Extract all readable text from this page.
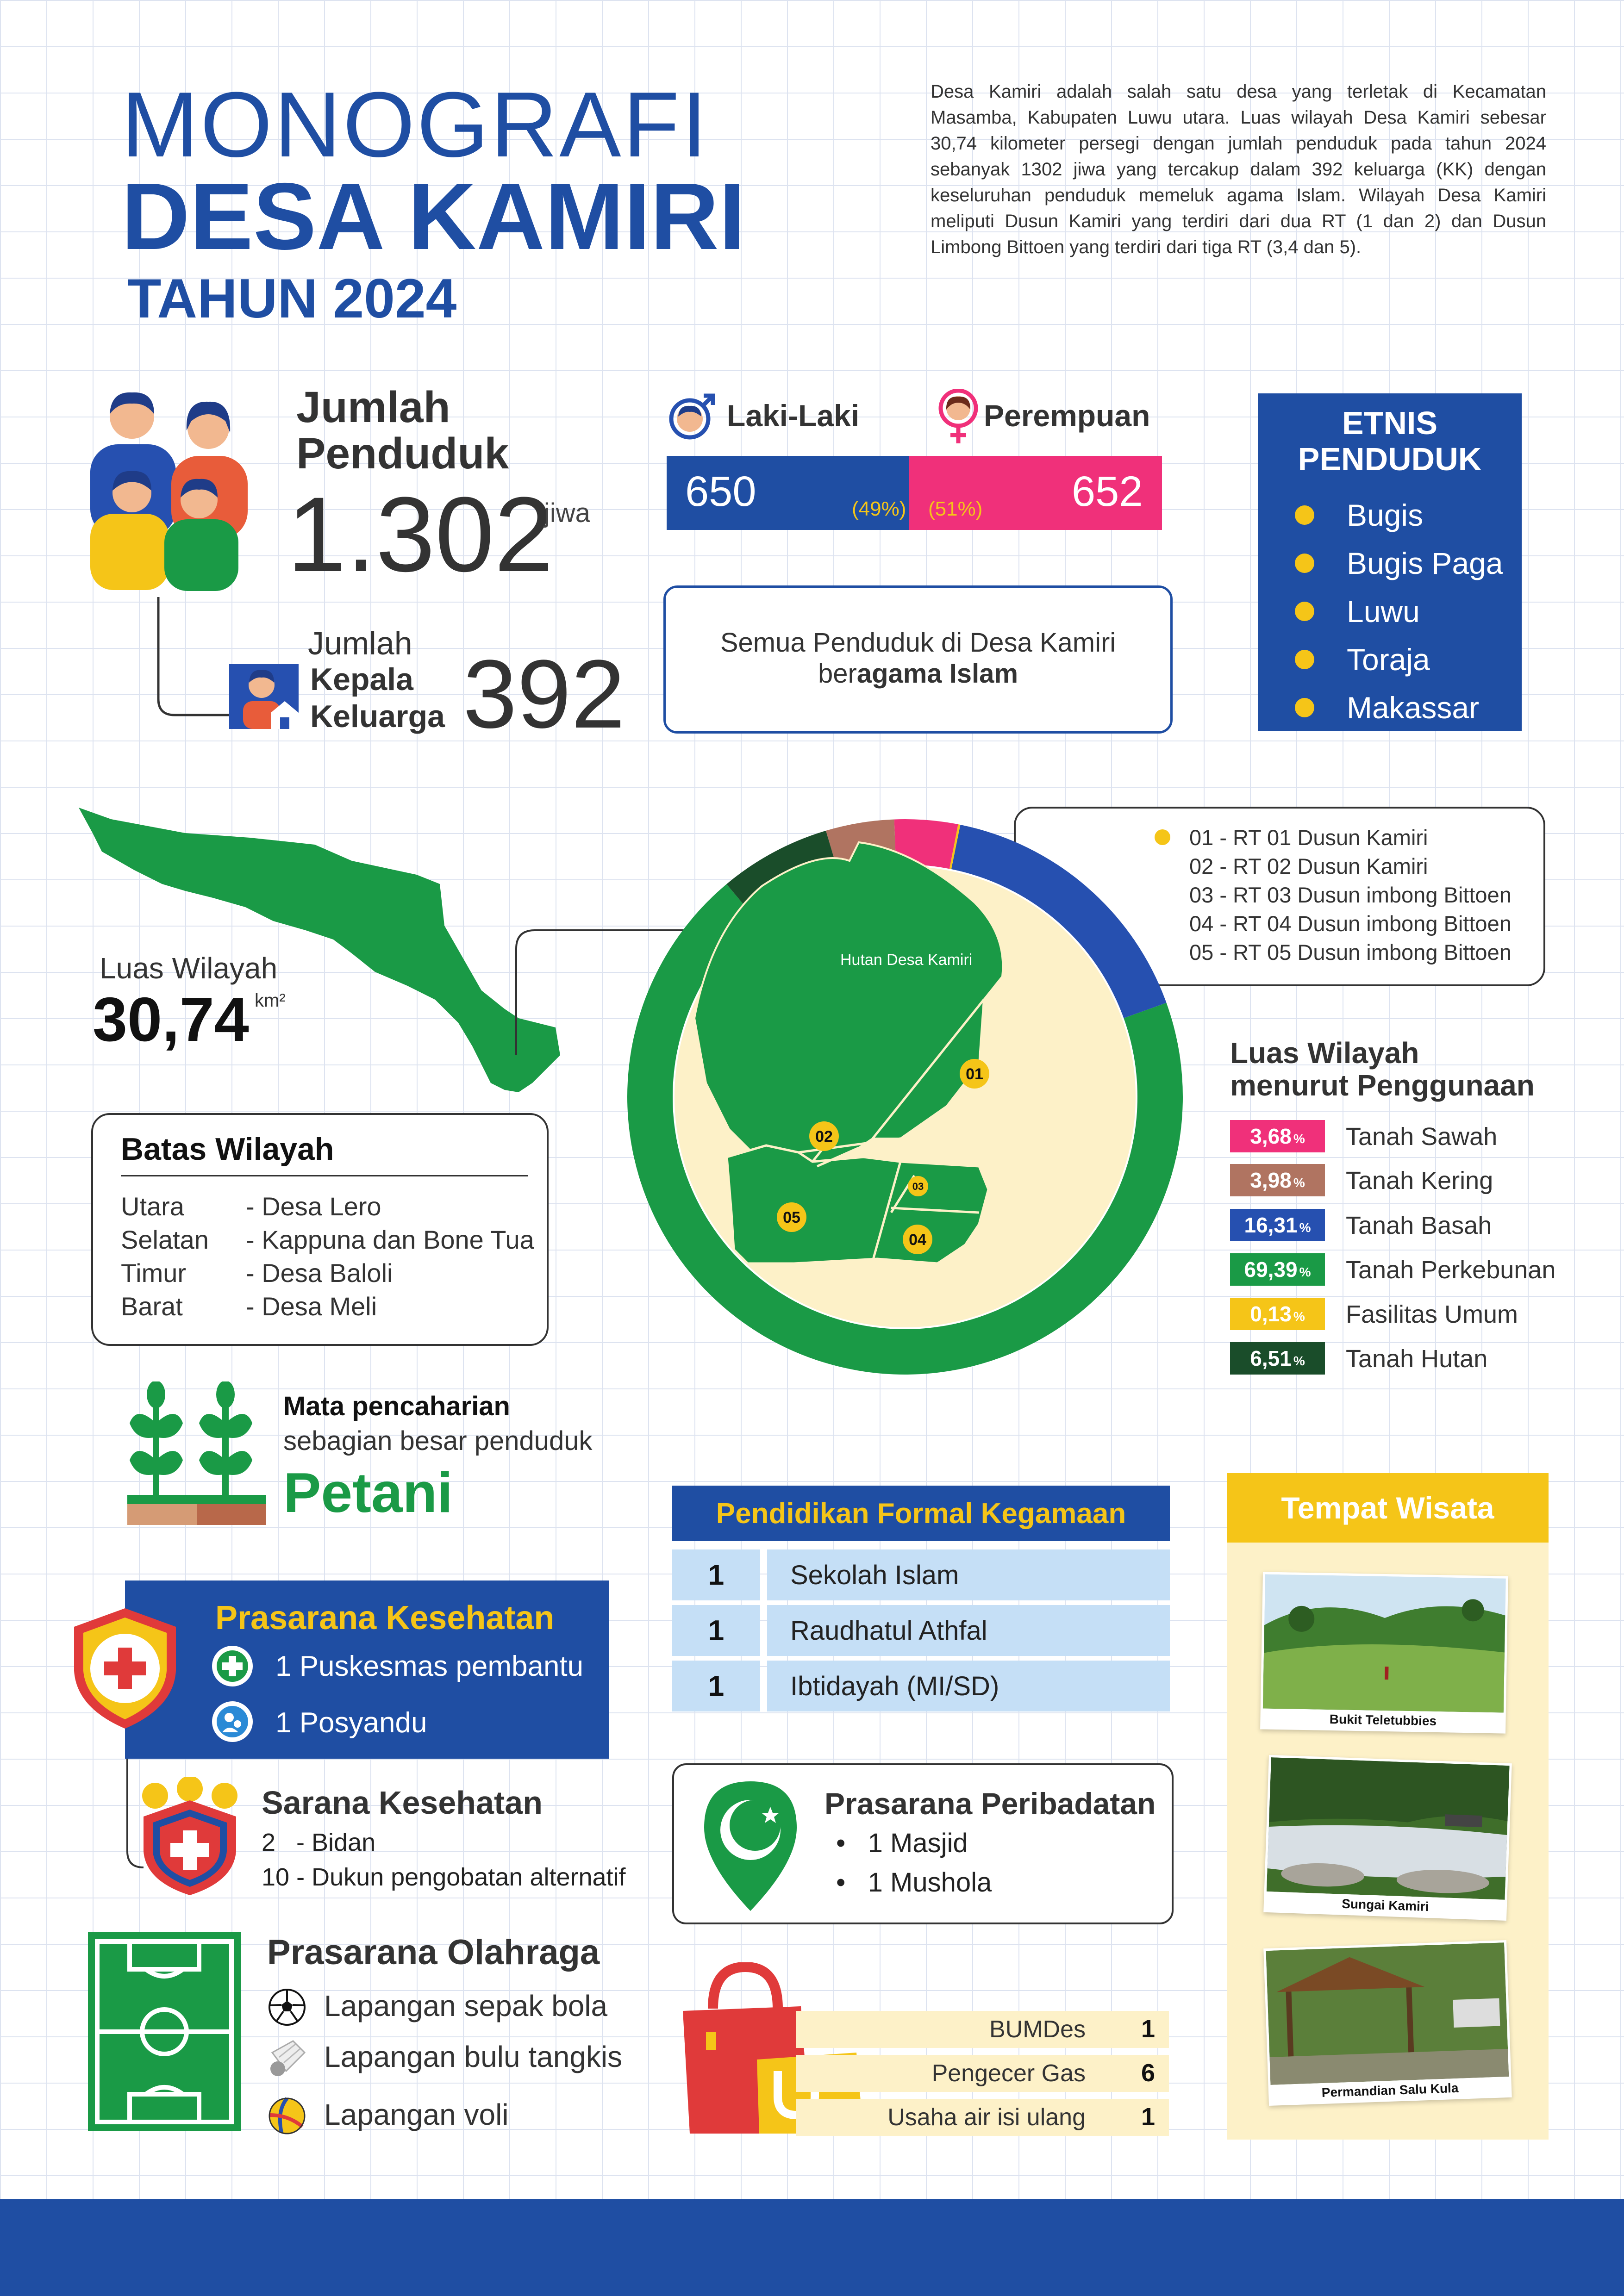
MONOGRAFI
DESA KAMIRI
TAHUN 2024
Desa Kamiri adalah salah satu desa yang terletak di Kecamatan Masamba, Kabupaten Luwu utara. Luas wilayah Desa Kamiri sebesar 30,74 kilometer persegi dengan jumlah penduduk pada tahun 2024 sebanyak 1302 jiwa yang tercakup dalam 392 keluarga (KK) dengan keseluruhan penduduk memeluk agama Islam. Wilayah Desa Kamiri meliputi Dusun Kamiri yang terdiri dari dua RT (1 dan 2) dan Dusun Limbong Bittoen yang terdiri dari tiga RT (3,4 dan 5).
Jumlah
Penduduk
1.302
jiwa
Jumlah
Kepala
Keluarga 392
Laki-Laki	Perempuan
650	(49%) (51%) 652
Semua Penduduk di Desa Kamiri
beragama Islam
ETNIS
PENDUDUK
Bugis
Bugis Paga
Luwu
Toraja
Makassar
Luas Wilayah
30,74 km²
Batas Wilayah
Utara - Desa Lero
Selatan - Kappuna dan Bone Tua
Timur - Desa Baloli
Barat - Desa Meli
01 - RT 01 Dusun Kamiri
02 - RT 02 Dusun Kamiri
03 - RT 03 Dusun imbong Bittoen
04 - RT 04 Dusun imbong Bittoen
05 - RT 05 Dusun imbong Bittoen
Hutan Desa Kamiri
01
02
03
04
05
Luas Wilayah
menurut Penggunaan
3,68 % Tanah Sawah
3,98 % Tanah Kering
16,31 % Tanah Basah
69,39 % Tanah Perkebunan
0,13 % Fasilitas Umum
6,51 % Tanah Hutan
Mata pencaharian
sebagian besar penduduk
Petani
Prasarana Kesehatan
1 Puskesmas pembantu
1 Posyandu
Sarana Kesehatan
2   - Bidan
10 - Dukun pengobatan alternatif
Prasarana Olahraga
Lapangan sepak bola
Lapangan bulu tangkis
Lapangan voli
Pendidikan Formal Kegamaan
1	Sekolah Islam
1	Raudhatul Athfal
1	Ibtidayah (MI/SD)
Prasarana Peribadatan
•   1 Masjid
•   1 Mushola
BUMDes 1
Pengecer Gas 6
Usaha air isi ulang 1
Tempat Wisata
Bukit Teletubbies
Sungai Kamiri
Permandian Salu Kula
